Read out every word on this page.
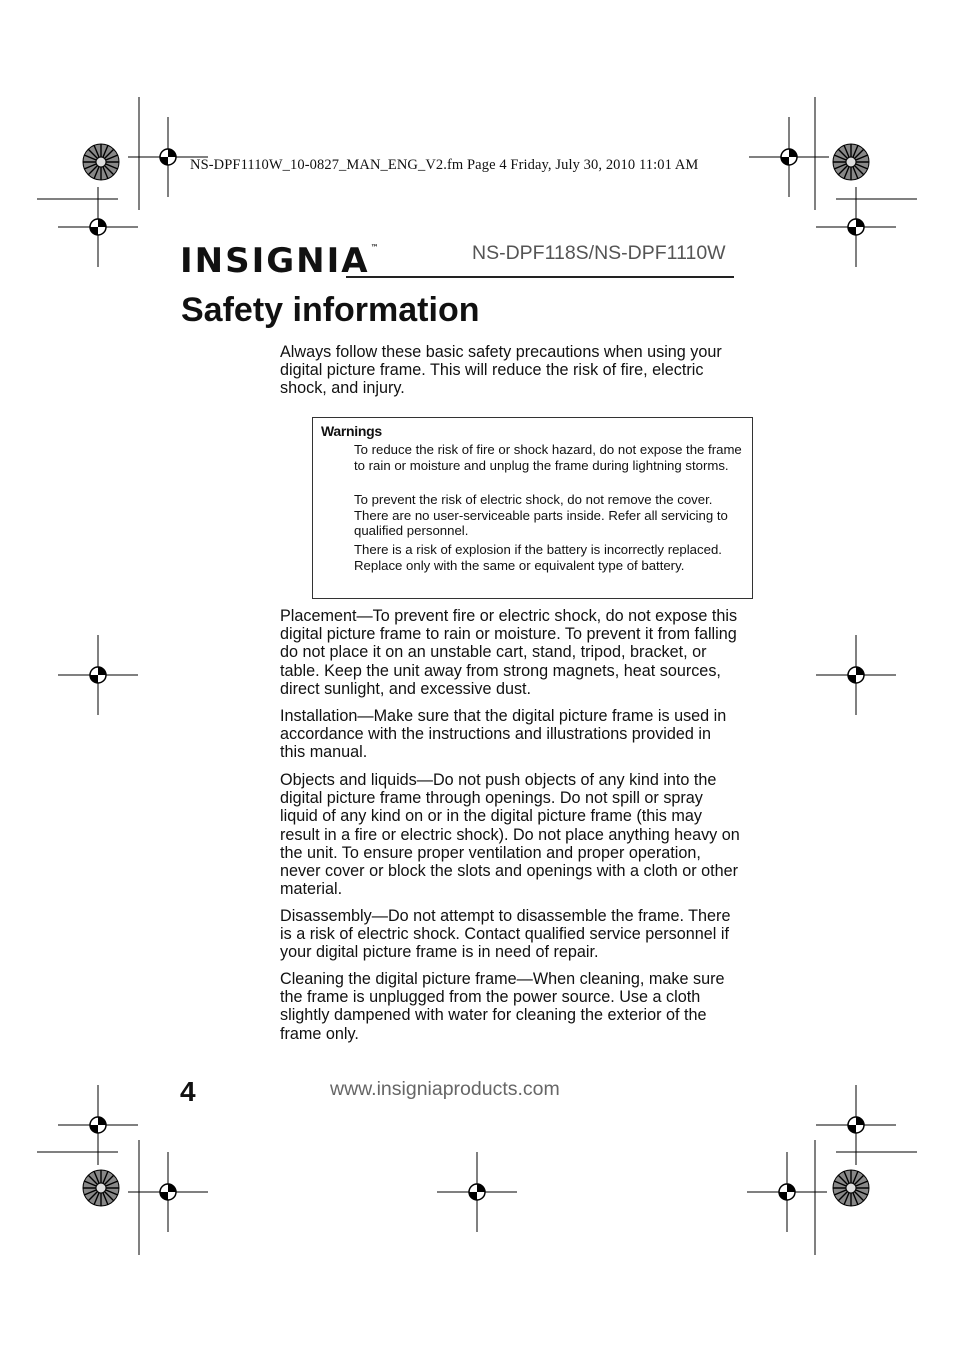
NS-DPF1110W_10-0827_MAN_ENG_V2.fm Page 4 Friday, July 30, 2010 11:01 AM
INSIGNIA ™	NS-DPF118S/NS-DPF1110W
Safety information

Always follow these basic safety precautions when using your digital picture frame. This will reduce the risk of fire, electric shock, and injury.

Warnings

To reduce the risk of fire or shock hazard, do not expose the frame to rain or moisture and unplug the frame during lightning storms.

To prevent the risk of electric shock, do not remove the cover. There are no user-serviceable parts inside. Refer all servicing to qualified personnel.

There is a risk of explosion if the battery is incorrectly replaced. Replace only with the same or equivalent type of battery.

Placement—To prevent fire or electric shock, do not expose this digital picture frame to rain or moisture. To prevent it from falling do not place it on an unstable cart, stand, tripod, bracket, or table. Keep the unit away from strong magnets, heat sources, direct sunlight, and excessive dust.

Installation—Make sure that the digital picture frame is used in accordance with the instructions and illustrations provided in this manual.

Objects and liquids—Do not push objects of any kind into the digital picture frame through openings. Do not spill or spray liquid of any kind on or in the digital picture frame (this may result in a fire or electric shock). Do not place anything heavy on the unit. To ensure proper ventilation and proper operation, never cover or block the slots and openings with a cloth or other material.

Disassembly—Do not attempt to disassemble the frame. There is a risk of electric shock. Contact qualified service personnel if your digital picture frame is in need of repair.

Cleaning the digital picture frame—When cleaning, make sure the frame is unplugged from the power source. Use a cloth slightly dampened with water for cleaning the exterior of the frame only.

4	www.insigniaproducts.com
